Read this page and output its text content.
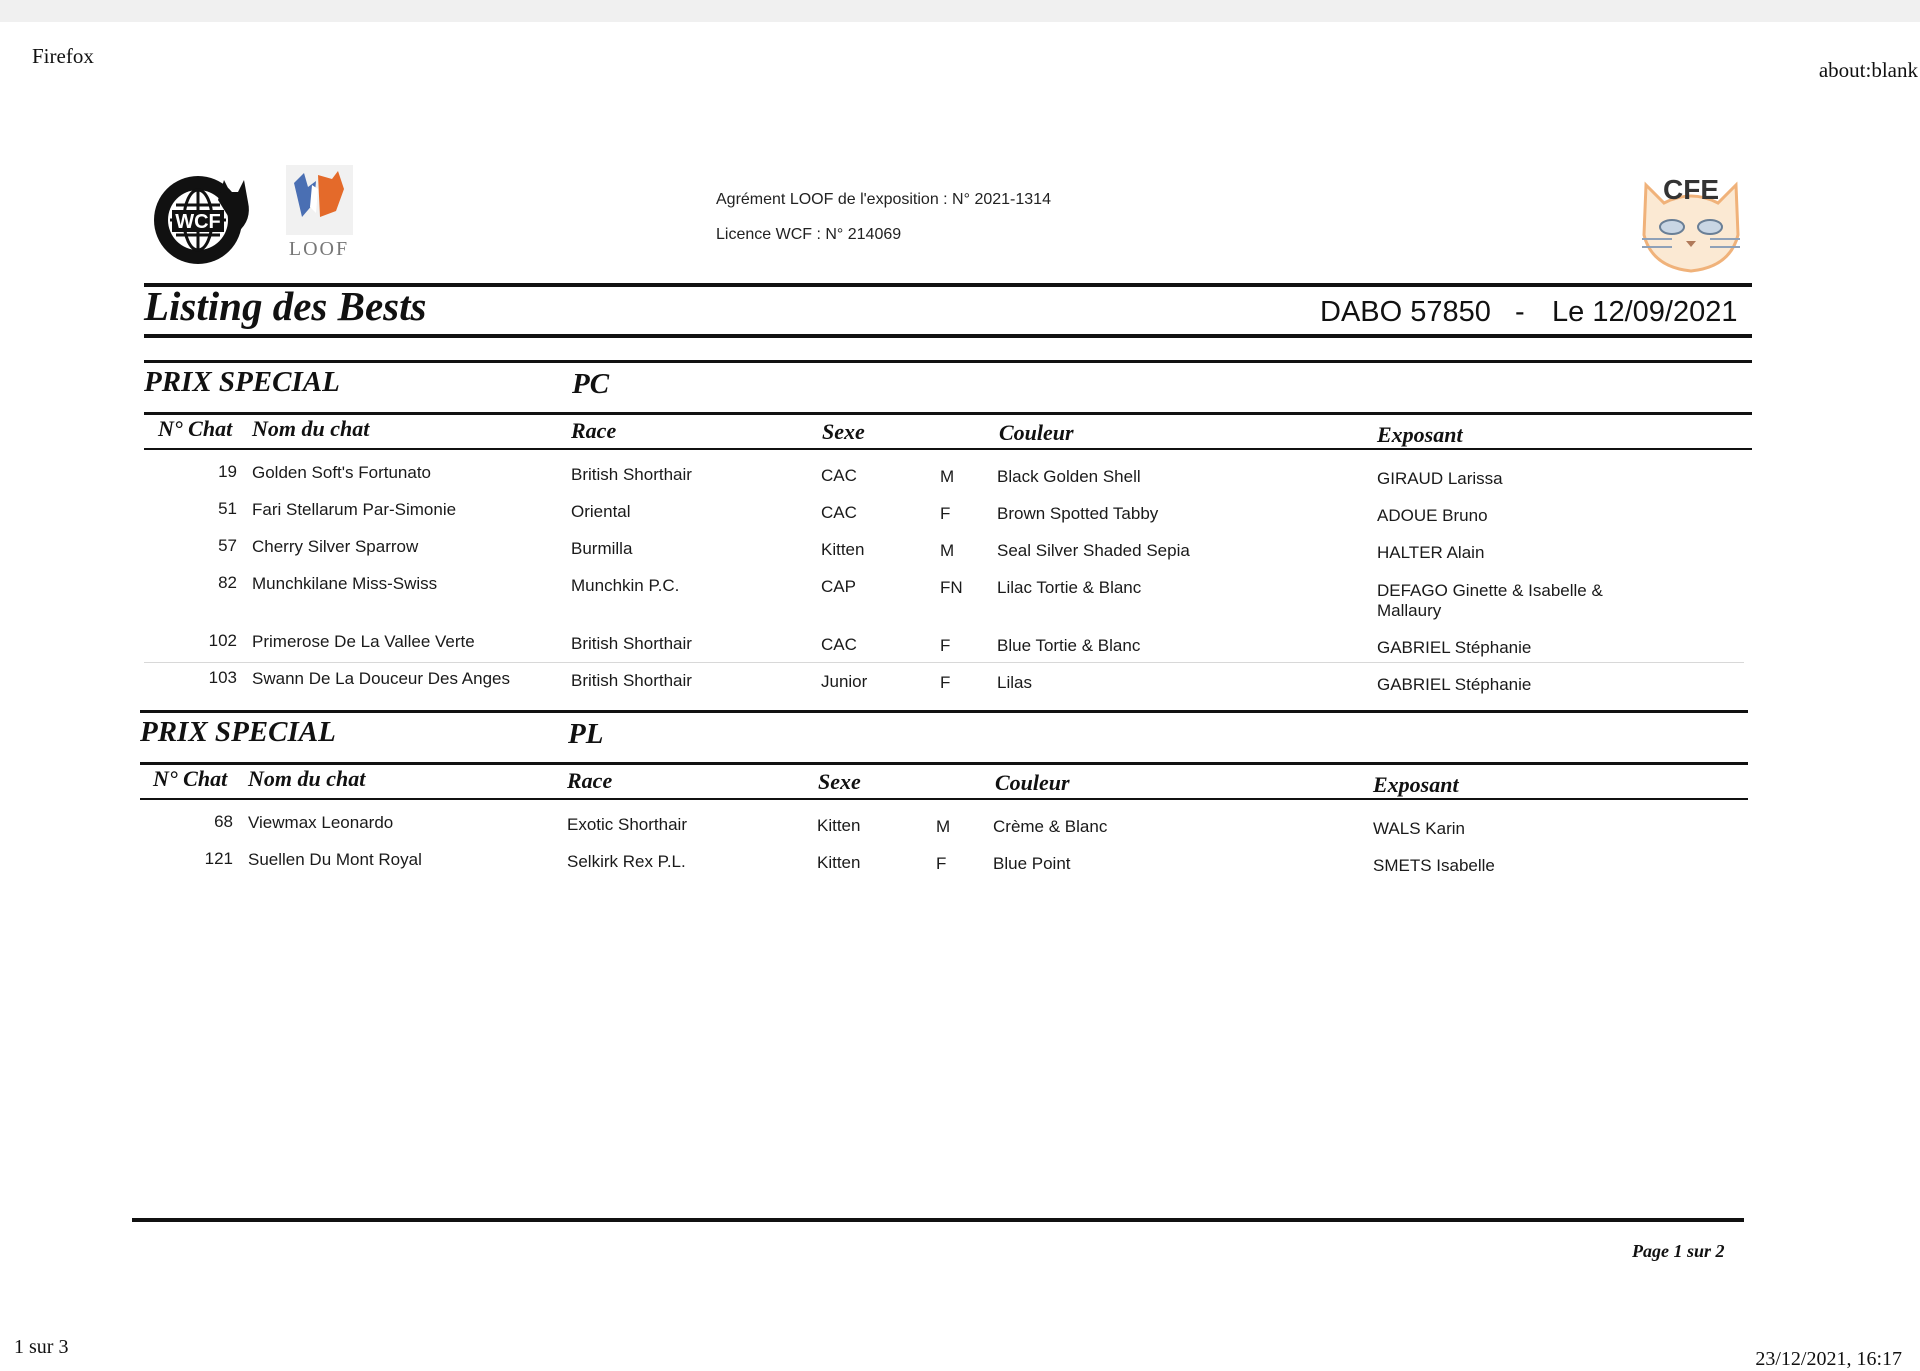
Firefox
about:blank
WCF
LOOF
CFE
Agrément LOOF de l'exposition : N° 2021-1314
Licence WCF : N° 214069
Listing des Bests	DABO 57850 - Le 12/09/2021
PRIX SPECIAL	PC
N° Chat Nom du chat	Race	Sexe	Couleur	Exposant
19 Golden Soft's Fortunato	British Shorthair	CAC	M	Black Golden Shell	GIRAUD Larissa
51 Fari Stellarum Par-Simonie	Oriental	CAC	F	Brown Spotted Tabby	ADOUE Bruno
57 Cherry Silver Sparrow	Burmilla	Kitten	M	Seal Silver Shaded Sepia	HALTER Alain
82 Munchkilane Miss-Swiss	Munchkin P.C.	CAP	FN Lilac Tortie & Blanc	DEFAGO Ginette & Isabelle &
Mallaury
102 Primerose De La Vallee Verte	British Shorthair	CAC	F	Blue Tortie & Blanc	GABRIEL Stéphanie
103 Swann De La Douceur Des Anges	British Shorthair	Junior	F	Lilas	GABRIEL Stéphanie
PRIX SPECIAL	PL
N° Chat Nom du chat	Race	Sexe	Couleur	Exposant
68 Viewmax Leonardo	Exotic Shorthair	Kitten	M	Crème & Blanc	WALS Karin
121 Suellen Du Mont Royal	Selkirk Rex P.L.	Kitten	F	Blue Point	SMETS Isabelle
Page 1 sur 2
1 sur 3
23/12/2021, 16:17
